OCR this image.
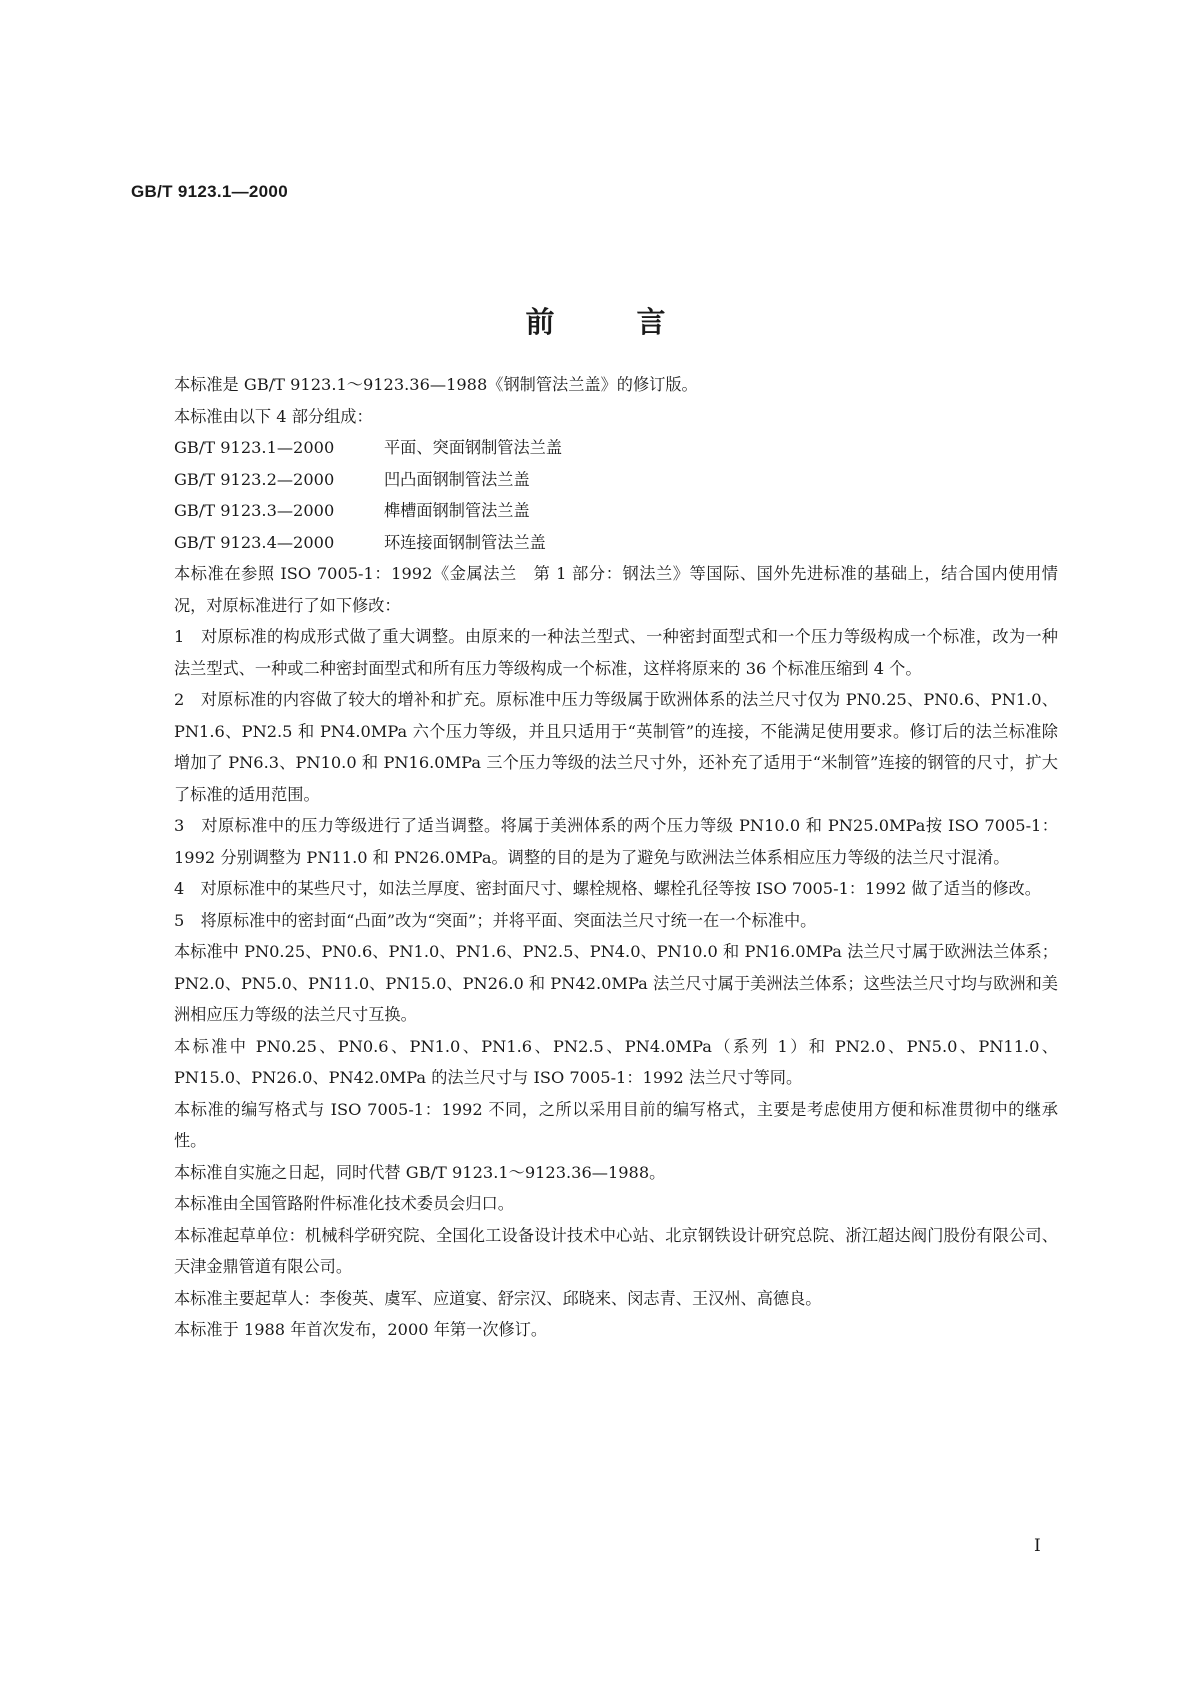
GB/T 9123.1—2000
前	言

本标准是 GB/T 9123.1～9123.36—1988《钢制管法兰盖》的修订版。

本标准由以下 4 部分组成：

GB/T 9123.1—2000	平面、突面钢制管法兰盖

GB/T 9123.2—2000	凹凸面钢制管法兰盖

GB/T 9123.3—2000	榫槽面钢制管法兰盖

GB/T 9123.4—2000	环连接面钢制管法兰盖

本标准在参照 ISO 7005-1：1992《金属法兰　第 1 部分：钢法兰》等国际、国外先进标准的基础上，结合国内使用情况，对原标准进行了如下修改：

1　对原标准的构成形式做了重大调整。由原来的一种法兰型式、一种密封面型式和一个压力等级构成一个标准，改为一种法兰型式、一种或二种密封面型式和所有压力等级构成一个标准，这样将原来的 36 个标准压缩到 4 个。

2　对原标准的内容做了较大的增补和扩充。原标准中压力等级属于欧洲体系的法兰尺寸仅为 PN0.25、PN0.6、PN1.0、PN1.6、PN2.5 和 PN4.0MPa 六个压力等级，并且只适用于“英制管”的连接，不能满足使用要求。修订后的法兰标准除增加了 PN6.3、PN10.0 和 PN16.0MPa 三个压力等级的法兰尺寸外，还补充了适用于“米制管”连接的钢管的尺寸，扩大了标准的适用范围。

3　对原标准中的压力等级进行了适当调整。将属于美洲体系的两个压力等级 PN10.0 和 PN25.0MPa按 ISO 7005-1：1992 分别调整为 PN11.0 和 PN26.0MPa。调整的目的是为了避免与欧洲法兰体系相应压力等级的法兰尺寸混淆。

4　对原标准中的某些尺寸，如法兰厚度、密封面尺寸、螺栓规格、螺栓孔径等按 ISO 7005-1：1992 做了适当的修改。

5　将原标准中的密封面“凸面”改为“突面”；并将平面、突面法兰尺寸统一在一个标准中。

本标准中 PN0.25、PN0.6、PN1.0、PN1.6、PN2.5、PN4.0、PN10.0 和 PN16.0MPa 法兰尺寸属于欧洲法兰体系；PN2.0、PN5.0、PN11.0、PN15.0、PN26.0 和 PN42.0MPa 法兰尺寸属于美洲法兰体系；这些法兰尺寸均与欧洲和美洲相应压力等级的法兰尺寸互换。

本标准中 PN0.25、PN0.6、PN1.0、PN1.6、PN2.5、PN4.0MPa（系列 1）和 PN2.0、PN5.0、PN11.0、PN15.0、PN26.0、PN42.0MPa 的法兰尺寸与 ISO 7005-1：1992 法兰尺寸等同。

本标准的编写格式与 ISO 7005-1：1992 不同，之所以采用目前的编写格式，主要是考虑使用方便和标准贯彻中的继承性。

本标准自实施之日起，同时代替 GB/T 9123.1～9123.36—1988。

本标准由全国管路附件标准化技术委员会归口。

本标准起草单位：机械科学研究院、全国化工设备设计技术中心站、北京钢铁设计研究总院、浙江超达阀门股份有限公司、天津金鼎管道有限公司。

本标准主要起草人：李俊英、虞军、应道宴、舒宗汉、邱晓来、闵志青、王汉州、高德良。

本标准于 1988 年首次发布，2000 年第一次修订。

I
